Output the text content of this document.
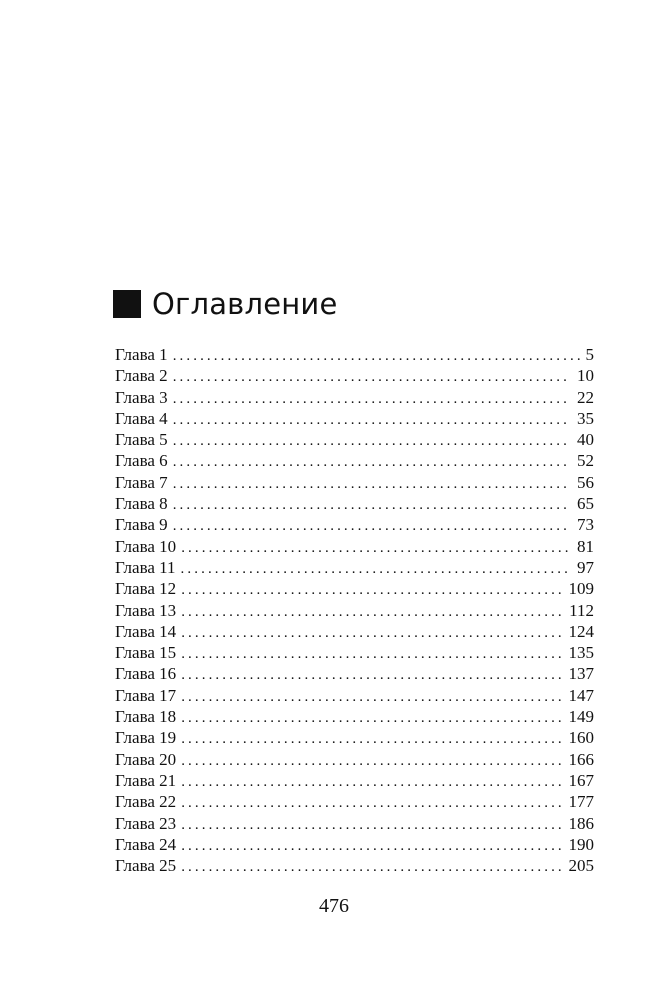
Оглавление
Глава 1 .....	5
Глава 2 .....	10
Глава 3 .....	22
Глава 4 .....	35
Глава 5 .....	40
Глава 6 .....	52
Глава 7 .....	56
Глава 8 .....	65
Глава 9 .....	73
Глава 10 .....	81
Глава 11 .....	97
Глава 12 .....	109
Глава 13 .....	112
Глава 14 .....	124
Глава 15 .....	135
Глава 16 .....	137
Глава 17 .....	147
Глава 18 .....	149
Глава 19 .....	160
Глава 20 .....	166
Глава 21 .....	167
Глава 22 .....	177
Глава 23 .....	186
Глава 24 .....	190
Глава 25 .....	205
476
